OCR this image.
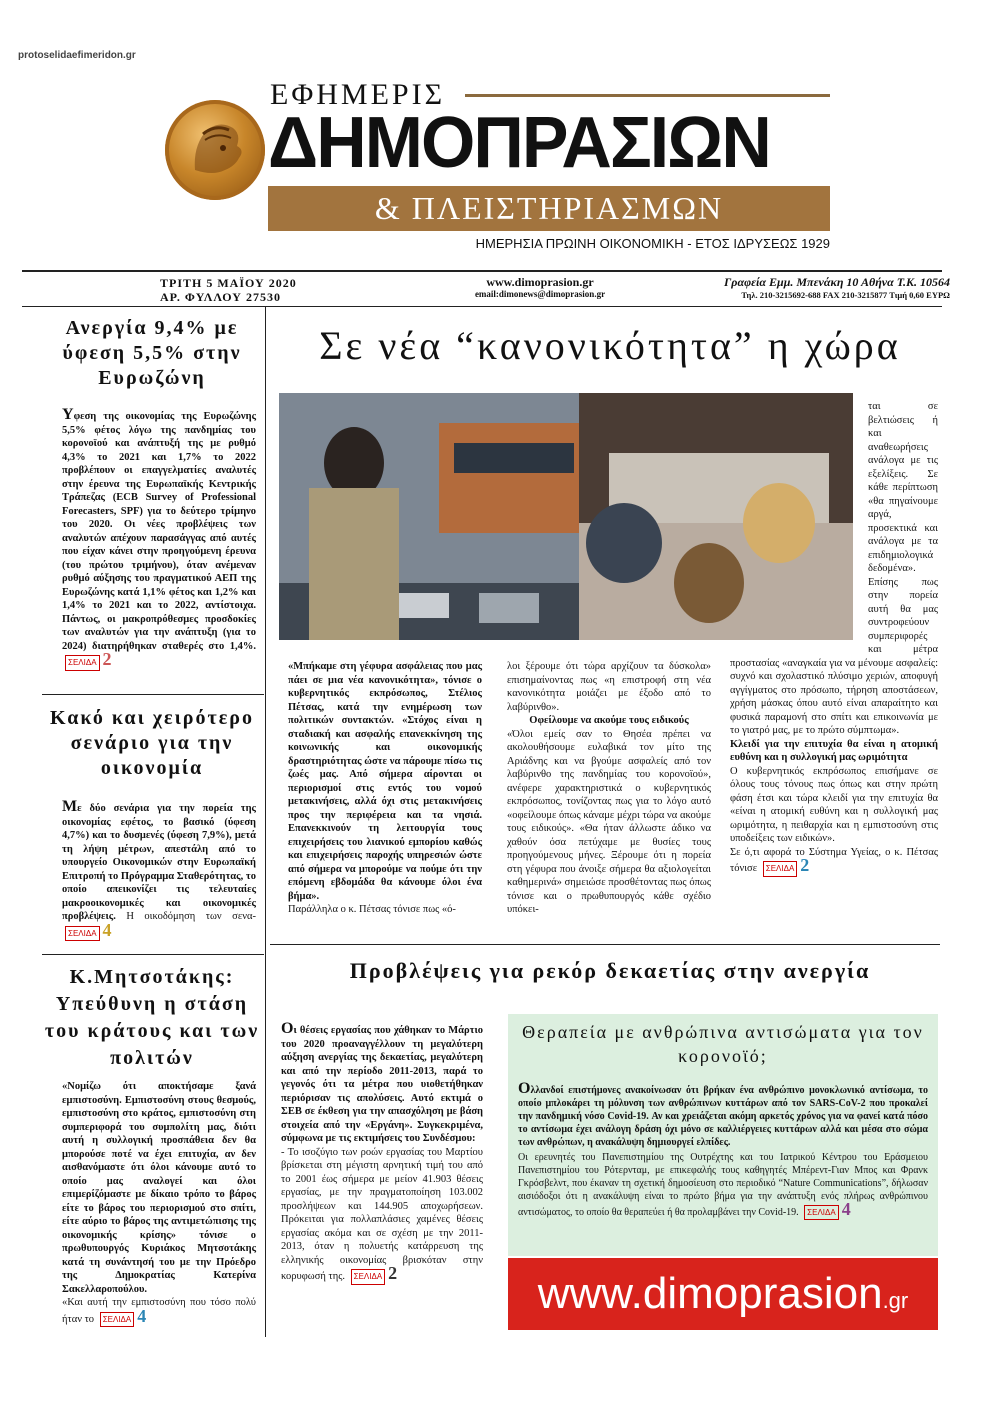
protoselidaefimeridon.gr
ΕΦΗΜΕΡΙΣ
ΔΗΜΟΠΡΑΣΙΩΝ
& ΠΛΕΙΣΤΗΡΙΑΣΜΩΝ
ΗΜΕΡΗΣΙΑ ΠΡΩΙΝΗ ΟΙΚΟΝΟΜΙΚΗ - ΕΤΟΣ ΙΔΡΥΣΕΩΣ 1929
ΤΡΙΤΗ 5 ΜΑΪΟΥ 2020
ΑΡ. ΦΥΛΛΟΥ 27530
www.dimoprasion.gr
email:dimonews@dimoprasion.gr
Γραφεία Εμμ. Μπενάκη 10 Αθήνα Τ.Κ. 10564
Τηλ. 210-3215692-688 FAX 210-3215877 Τιμή 0,60 ΕΥΡΩ
Ανεργία 9,4% με ύφεση 5,5% στην Ευρωζώνη
Υφεση της οικονομίας της Ευρωζώνης 5,5% φέτος λόγω της πανδημίας του κορονοϊού και ανάπτυξή της με ρυθμό 4,3% το 2021 και 1,7% το 2022 προβλέπουν οι επαγγελματίες αναλυτές στην έρευνα της Ευρωπαϊκής Κεντρικής Τράπεζας (ECB Survey of Professional Forecasters, SPF) για το δεύτερο τρίμηνο του 2020. Οι νέες προβλέψεις των αναλυτών απέχουν παρασάγγας από αυτές που είχαν κάνει στην προηγούμενη έρευνα (του πρώτου τριμήνου), όταν ανέμεναν ρυθμό αύξησης του πραγματικού ΑΕΠ της Ευρωζώνης κατά 1,1% φέτος και 1,2% και 1,4% το 2021 και το 2022, αντίστοιχα. Πάντως, οι μακροπρόθεσμες προσδοκίες των αναλυτών για την ανάπτυξη (για το 2024) διατηρήθηκαν σταθερές στο 1,4%. ΣΕΛΙΔΑ 2
Κακό και χειρότερο σενάριο για την οικονομία
Με δύο σενάρια για την πορεία της οικονομίας εφέτος, το βασικό (ύφεση 4,7%) και το δυσμενές (ύφεση 7,9%), μετά τη λήψη μέτρων, απεστάλη από το υπουργείο Οικονομικών στην Ευρωπαϊκή Επιτροπή το Πρόγραμμα Σταθερότητας, το οποίο απεικονίζει τις τελευταίες μακροοικονομικές και οικονομικές προβλέψεις. Η οικοδόμηση των σενα- ΣΕΛΙΔΑ 4
Κ.Μητσοτάκης: Υπεύθυνη η στάση του κράτους και των πολιτών
«Νομίζω ότι αποκτήσαμε ξανά εμπιστοσύνη. Εμπιστοσύνη στους θεσμούς, εμπιστοσύνη στο κράτος, εμπιστοσύνη στη συμπεριφορά του συμπολίτη μας, διότι αυτή η συλλογική προσπάθεια δεν θα μπορούσε ποτέ να έχει επιτυχία, αν δεν αισθανόμαστε ότι όλοι κάνουμε αυτό το οποίο μας αναλογεί και όλοι επιμερίζόμαστε με δίκαιο τρόπο το βάρος είτε το βάρος του περιορισμού στο σπίτι, είτε αύριο το βάρος της αντιμετώπισης της οικονομικής κρίσης» τόνισε ο πρωθυπουργός Κυριάκος Μητσοτάκης κατά τη συνάντησή του με την Πρόεδρο της Δημοκρατίας Κατερίνα Σακελλαροπούλου.
«Και αυτή την εμπιστοσύνη που τόσο πολύ ήταν το ΣΕΛΙΔΑ 4
Σε νέα “κανονικότητα” η χώρα
«Μπήκαμε στη γέφυρα ασφάλειας που μας πάει σε μια νέα κανονικότητα», τόνισε ο κυβερνητικός εκπρόσωπος, Στέλιος Πέτσας, κατά την ενημέρωση των πολιτικών συντακτών. «Στόχος είναι η σταδιακή και ασφαλής επανεκκίνηση της κοινωνικής και οικονομικής δραστηριότητας ώστε να πάρουμε πίσω τις ζωές μας. Από σήμερα αίρονται οι περιορισμοί στις εντός του νομού μετακινήσεις, αλλά όχι στις μετακινήσεις προς την περιφέρεια και τα νησιά. Επανεκκινούν τη λειτουργία τους επιχειρήσεις του λιανικού εμπορίου καθώς και επιχειρήσεις παροχής υπηρεσιών ώστε από σήμερα να μπορούμε να πούμε ότι την επόμενη εβδομάδα θα κάνουμε όλοι ένα βήμα».
Παράλληλα ο κ. Πέτσας τόνισε πως «ό-

λοι ξέρουμε ότι τώρα αρχίζουν τα δύσκολα» επισημαίνοντας πως «η επιστροφή στη νέα κανονικότητα μοιάζει με έξοδο από το λαβύρινθο».

Οφείλουμε να ακούμε τους ειδικούς

«Όλοι εμείς σαν το Θησέα πρέπει να ακολουθήσουμε ευλαβικά τον μίτο της Αριάδνης και να βγούμε ασφαλείς από τον λαβύρινθο της πανδημίας του κορονοϊού», ανέφερε χαρακτηριστικά ο κυβερνητικός εκπρόσωπος, τονίζοντας πως για το λόγο αυτό «οφείλουμε όπως κάναμε μέχρι τώρα να ακούμε τους ειδικούς». «Θα ήταν άλλωστε άδικο να χαθούν όσα πετύχαμε με θυσίες τους προηγούμενους μήνες. Ξέρουμε ότι η πορεία στη γέφυρα που άνοιξε σήμερα θα αξιολογείται καθημερινά» σημειώσε προσθέτοντας πως όπως τόνισε και ο πρωθυπουργός κάθε σχέδιο υπόκει-

ται σε βελτιώσεις ή και αναθεωρήσεις ανάλογα με τις εξελίξεις. Σε κάθε περίπτωση «θα πηγαίνουμε αργά, προσεκτικά και ανάλογα με τα επιδημιολογικά δεδομένα». Επίσης πως στην πορεία αυτή θα μας συντροφεύουν συμπεριφορές και μέτρα προστασίας «αναγκαία για να μένουμε ασφαλείς: συχνό και σχολαστικό πλύσιμο χεριών, αποφυγή αγγίγματος στο πρόσωπο, τήρηση αποστάσεων, χρήση μάσκας όπου αυτό είναι απαραίτητο και φυσικά παραμονή στο σπίτι και επικοινωνία με το γιατρό μας, με το πρώτο σύμπτωμα».

Κλειδί για την επιτυχία θα είναι η ατομική ευθύνη και η συλλογική μας ωριμότητα

Ο κυβερνητικός εκπρόσωπος επισήμανε σε όλους τους τόνους πως όπως και στην πρώτη φάση έτσι και τώρα κλειδί για την επιτυχία θα «είναι η ατομική ευθύνη και η συλλογική μας ωριμότητα, η πειθαρχία και η εμπιστοσύνη στις υποδείξεις των ειδικών».

Σε ό,τι αφορά το Σύστημα Υγείας, ο κ. Πέτσας τόνισε ΣΕΛΙΔΑ 2

Προβλέψεις για ρεκόρ δεκαετίας στην ανεργία
Οι θέσεις εργασίας που χάθηκαν το Μάρτιο του 2020 προαναγγέλλουν τη μεγαλύτερη αύξηση ανεργίας της δεκαετίας, μεγαλύτερη και από την περίοδο 2011-2013, παρά το γεγονός ότι τα μέτρα που υιοθετήθηκαν περιόρισαν τις απολύσεις. Αυτό εκτιμά ο ΣΕΒ σε έκθεση για την απασχόληση με βάση στοιχεία από την «Εργάνη». Συγκεκριμένα, σύμφωνα με τις εκτιμήσεις του Συνδέσμου:
- Το ισοζύγιο των ροών εργασίας του Μαρτίου βρίσκεται στη μέγιστη αρνητική τιμή του από το 2001 έως σήμερα με μείον 41.903 θέσεις εργασίας, με την πραγματοποίηση 103.002 προσλήψεων και 144.905 αποχωρήσεων. Πρόκειται για πολλαπλάσιες χαμένες θέσεις εργασίας ακόμα και σε σχέση με την 2011-2013, όταν η πολυετής κατάρρευση της ελληνικής οικονομίας βρισκόταν στην κορυφωσή της. ΣΕΛΙΔΑ 2
Θεραπεία με ανθρώπινα αντισώματα για τον κορονοϊό;
Ολλανδοί επιστήμονες ανακοίνωσαν ότι βρήκαν ένα ανθρώπινο μονοκλωνικό αντίσωμα, το οποίο μπλοκάρει τη μόλυνση των ανθρώπινων κυττάρων από τον SARS-CoV-2 που προκαλεί την πανδημική νόσο Covid-19. Αν και χρειάζεται ακόμη αρκετός χρόνος για να φανεί κατά πόσο το αντίσωμα έχει ανάλογη δράση όχι μόνο σε καλλιέργειες κυττάρων αλλά και μέσα στο σώμα των ανθρώπων, η ανακάλυψη δημιουργεί ελπίδες.

Οι ερευνητές του Πανεπιστημίου της Ουτρέχτης και του Ιατρικού Κέντρου του Εράσμειου Πανεπιστημίου του Ρότερνταμ, με επικεφαλής τους καθηγητές Μπέρεντ-Γιαν Μπος και Φρανκ Γκρόσβελντ, που έκαναν τη σχετική δημοσίευση στο περιοδικό “Nature Communications”, δήλωσαν αισιόδοξοι ότι η ανακάλυψη είναι το πρώτο βήμα για την ανάπτυξη ενός πλήρως ανθρώπινου αντισώματος, το οποίο θα θεραπεύει ή θα προλαμβάνει την Covid-19. ΣΕΛΙΔΑ 4

www.dimoprasion.gr
